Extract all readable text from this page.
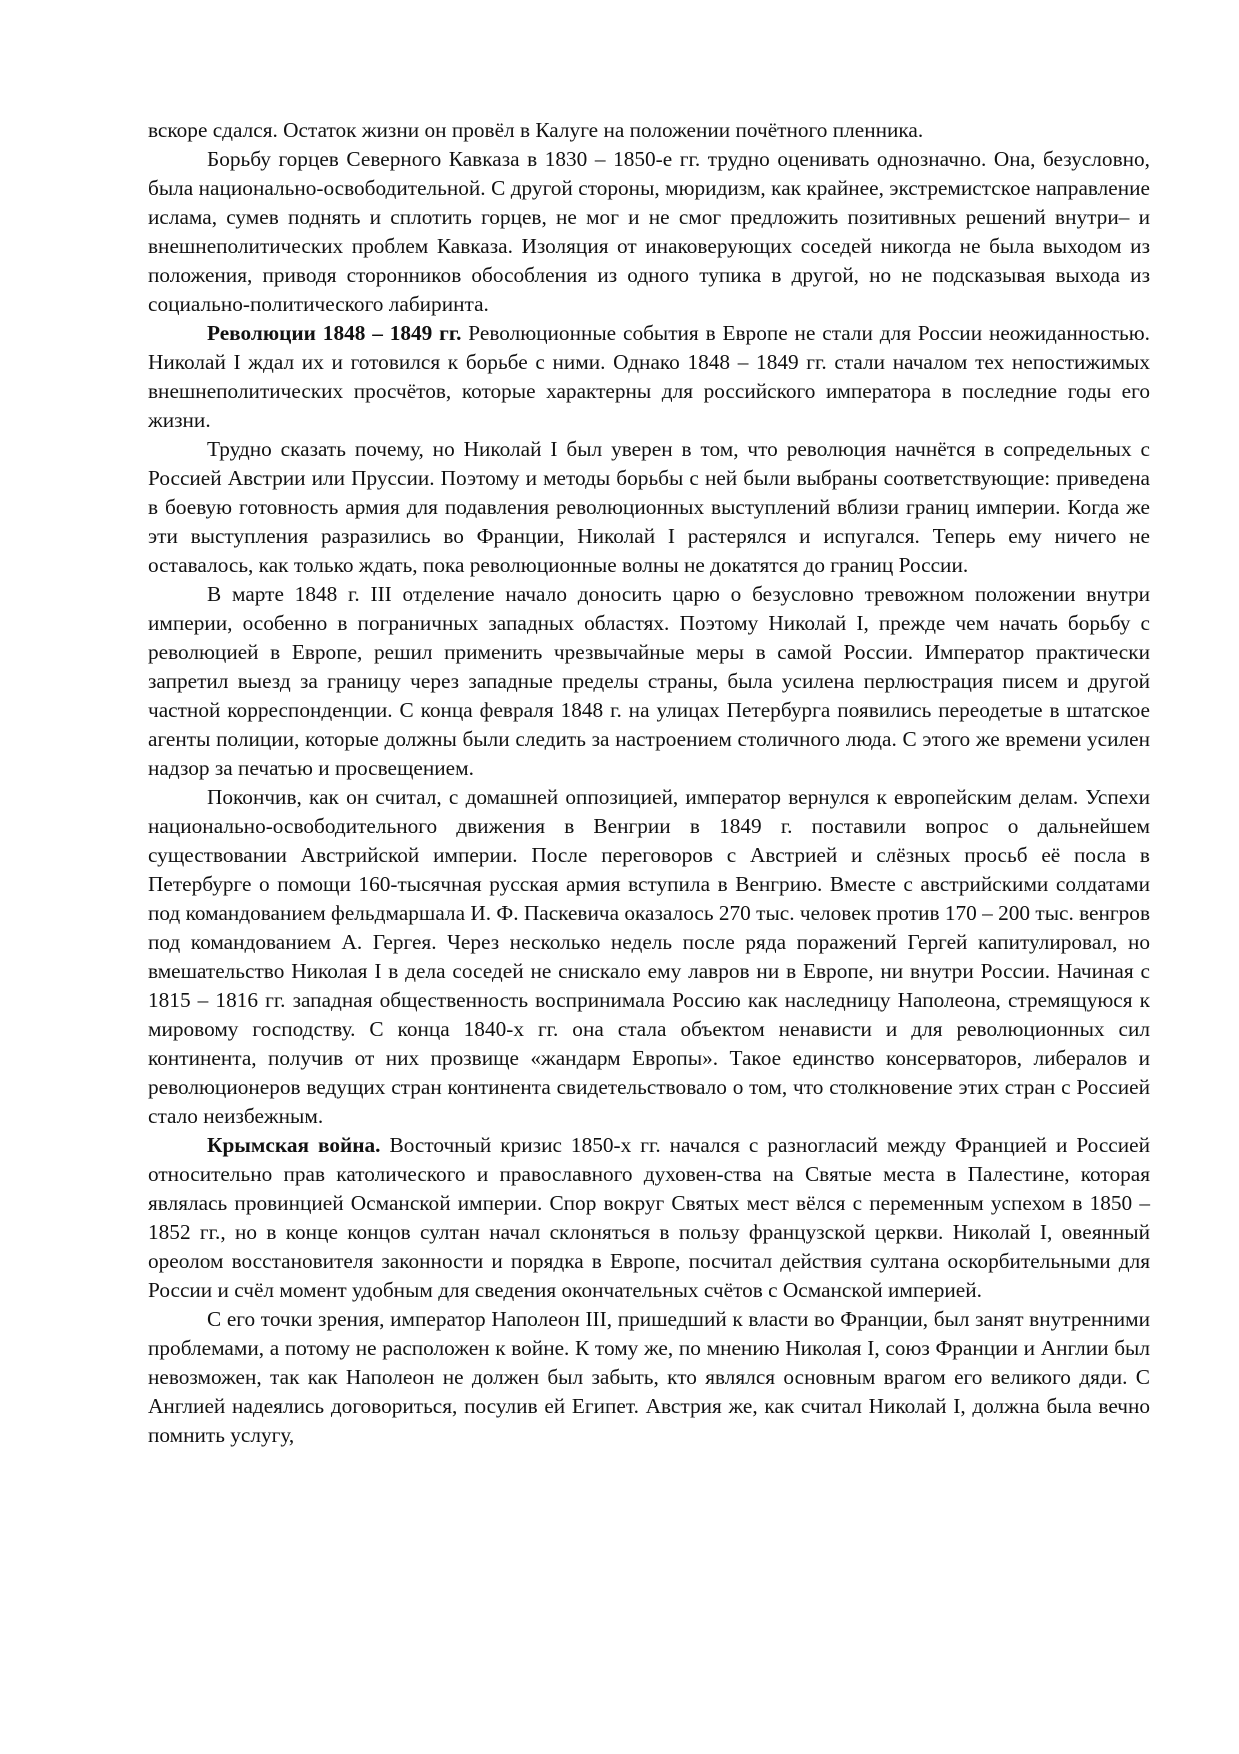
вскоре сдался. Остаток жизни он провёл в Калуге на положении почётного пленника.

Борьбу горцев Северного Кавказа в 1830 – 1850-е гг. трудно оценивать однозначно. Она, безусловно, была национально-освободительной. С другой стороны, мюридизм, как крайнее, экстремистское направление ислама, сумев поднять и сплотить горцев, не мог и не смог предложить позитивных решений внутри– и внешнеполитических проблем Кавказа. Изоляция от инаковерующих соседей никогда не была выходом из положения, приводя сторонников обособления из одного тупика в другой, но не подсказывая выхода из социально-политического лабиринта.

Революции 1848 – 1849 гг. Революционные события в Европе не стали для России неожиданностью. Николай I ждал их и готовился к борьбе с ними. Однако 1848 – 1849 гг. стали началом тех непостижимых внешнеполитических просчётов, которые характерны для российского императора в последние годы его жизни.

Трудно сказать почему, но Николай I был уверен в том, что революция начнётся в сопредельных с Россией Австрии или Пруссии. Поэтому и методы борьбы с ней были выбраны соответствующие: приведена в боевую готовность армия для подавления революционных выступлений вблизи границ империи. Когда же эти выступления разразились во Франции, Николай I растерялся и испугался. Теперь ему ничего не оставалось, как только ждать, пока революционные волны не докатятся до границ России.

В марте 1848 г. III отделение начало доносить царю о безусловно тревожном положении внутри империи, особенно в пограничных западных областях. Поэтому Николай I, прежде чем начать борьбу с революцией в Европе, решил применить чрезвычайные меры в самой России. Император практически запретил выезд за границу через западные пределы страны, была усилена перлюстрация писем и другой частной корреспонденции. С конца февраля 1848 г. на улицах Петербурга появились переодетые в штатское агенты полиции, которые должны были следить за настроением столичного люда. С этого же времени усилен надзор за печатью и просвещением.

Покончив, как он считал, с домашней оппозицией, император вернулся к европейским делам. Успехи национально-освободительного движения в Венгрии в 1849 г. поставили вопрос о дальнейшем существовании Австрийской империи. После переговоров с Австрией и слёзных просьб её посла в Петербурге о помощи 160-тысячная русская армия вступила в Венгрию. Вместе с австрийскими солдатами под командованием фельдмаршала И. Ф. Паскевича оказалось 270 тыс. человек против 170 – 200 тыс. венгров под командованием А. Гергея. Через несколько недель после ряда поражений Гергей капитулировал, но вмешательство Николая I в дела соседей не снискало ему лавров ни в Европе, ни внутри России. Начиная с 1815 – 1816 гг. западная общественность воспринимала Россию как наследницу Наполеона, стремящуюся к мировому господству. С конца 1840-х гг. она стала объектом ненависти и для революционных сил континента, получив от них прозвище «жандарм Европы». Такое единство консерваторов, либералов и революционеров ведущих стран континента свидетельствовало о том, что столкновение этих стран с Россией стало неизбежным.

Крымская война. Восточный кризис 1850-х гг. начался с разногласий между Францией и Россией относительно прав католического и православного духовен-ства на Святые места в Палестине, которая являлась провинцией Османской империи. Спор вокруг Святых мест вёлся с переменным успехом в 1850 – 1852 гг., но в конце концов султан начал склоняться в пользу французской церкви. Николай I, овеянный ореолом восстановителя законности и порядка в Европе, посчитал действия султана оскорбительными для России и счёл момент удобным для сведения окончательных счётов с Османской империей.

С его точки зрения, император Наполеон III, пришедший к власти во Франции, был занят внутренними проблемами, а потому не расположен к войне. К тому же, по мнению Николая I, союз Франции и Англии был невозможен, так как Наполеон не должен был забыть, кто являлся основным врагом его великого дяди. С Англией надеялись договориться, посулив ей Египет. Австрия же, как считал Николай I, должна была вечно помнить услугу,
